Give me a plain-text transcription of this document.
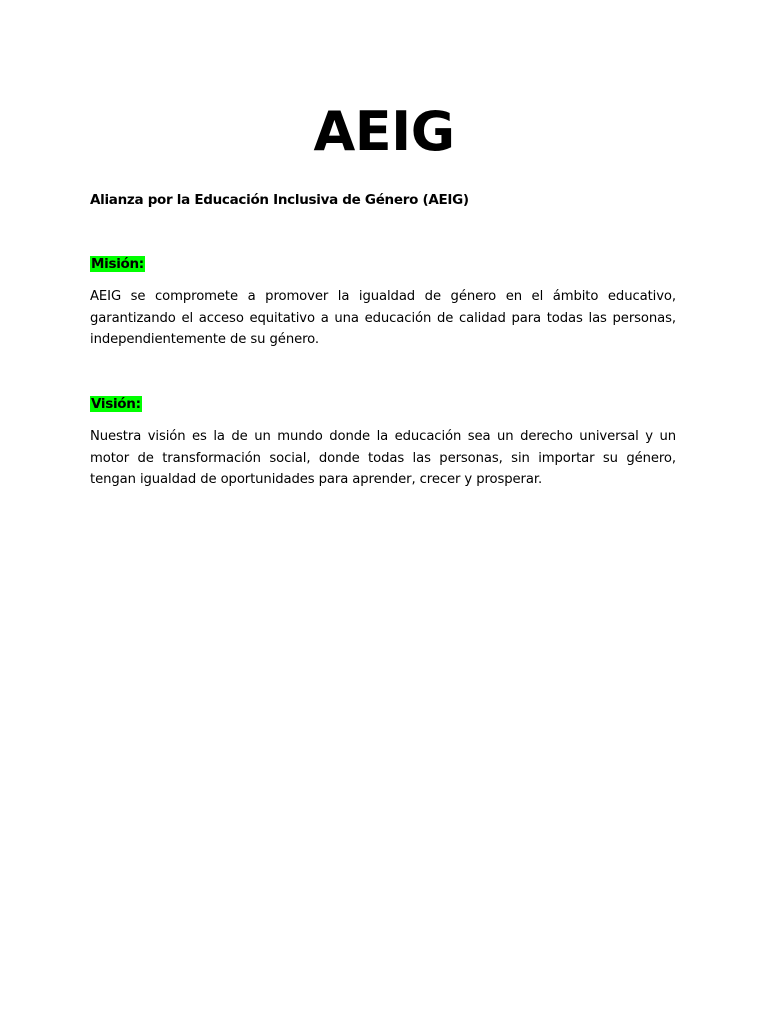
AEIG

Alianza por la Educación Inclusiva de Género (AEIG)

Misión:

AEIG se compromete a promover la igualdad de género en el ámbito educativo, garantizando el acceso equitativo a una educación de calidad para todas las personas, independientemente de su género.

Visión:

Nuestra visión es la de un mundo donde la educación sea un derecho universal y un motor de transformación social, donde todas las personas, sin importar su género, tengan igualdad de oportunidades para aprender, crecer y prosperar.
